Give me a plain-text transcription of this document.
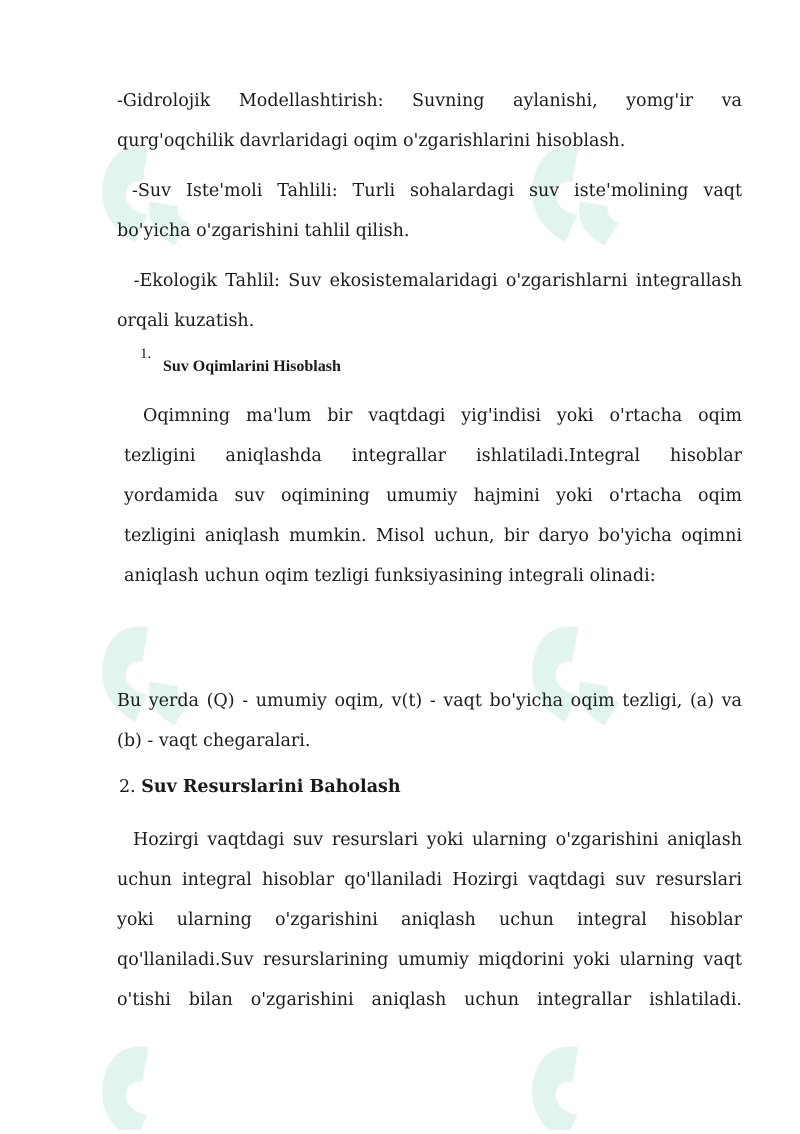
-Gidrolojik Modellashtirish: Suvning aylanishi, yomg'ir va qurg'oqchilik davrlaridagi oqim o'zgarishlarini hisoblash.

-Suv Iste'moli Tahlili: Turli sohalardagi suv iste'molining vaqt bo'yicha o'zgarishini tahlil qilish.

-Ekologik Tahlil: Suv ekosistemalaridagi o'zgarishlarni integrallash orqali kuzatish.

1.
Suv Oqimlarini Hisoblash

Oqimning ma'lum bir vaqtdagi yig'indisi yoki o'rtacha oqim tezligini aniqlashda integrallar ishlatiladi.Integral hisoblar yordamida suv oqimining umumiy hajmini yoki o'rtacha oqim tezligini aniqlash mumkin. Misol uchun, bir daryo bo'yicha oqimni aniqlash uchun oqim tezligi funksiyasining integrali olinadi:

Bu yerda (Q) - umumiy oqim, v(t) - vaqt bo'yicha oqim tezligi, (a) va (b) - vaqt chegaralari.

2. Suv Resurslarini Baholash

Hozirgi vaqtdagi suv resurslari yoki ularning o'zgarishini aniqlash uchun integral hisoblar qo'llaniladi Hozirgi vaqtdagi suv resurslari yoki ularning o'zgarishini aniqlash uchun integral hisoblar qo'llaniladi.Suv resurslarining umumiy miqdorini yoki ularning vaqt o'tishi bilan o'zgarishini aniqlash uchun integrallar ishlatiladi.
